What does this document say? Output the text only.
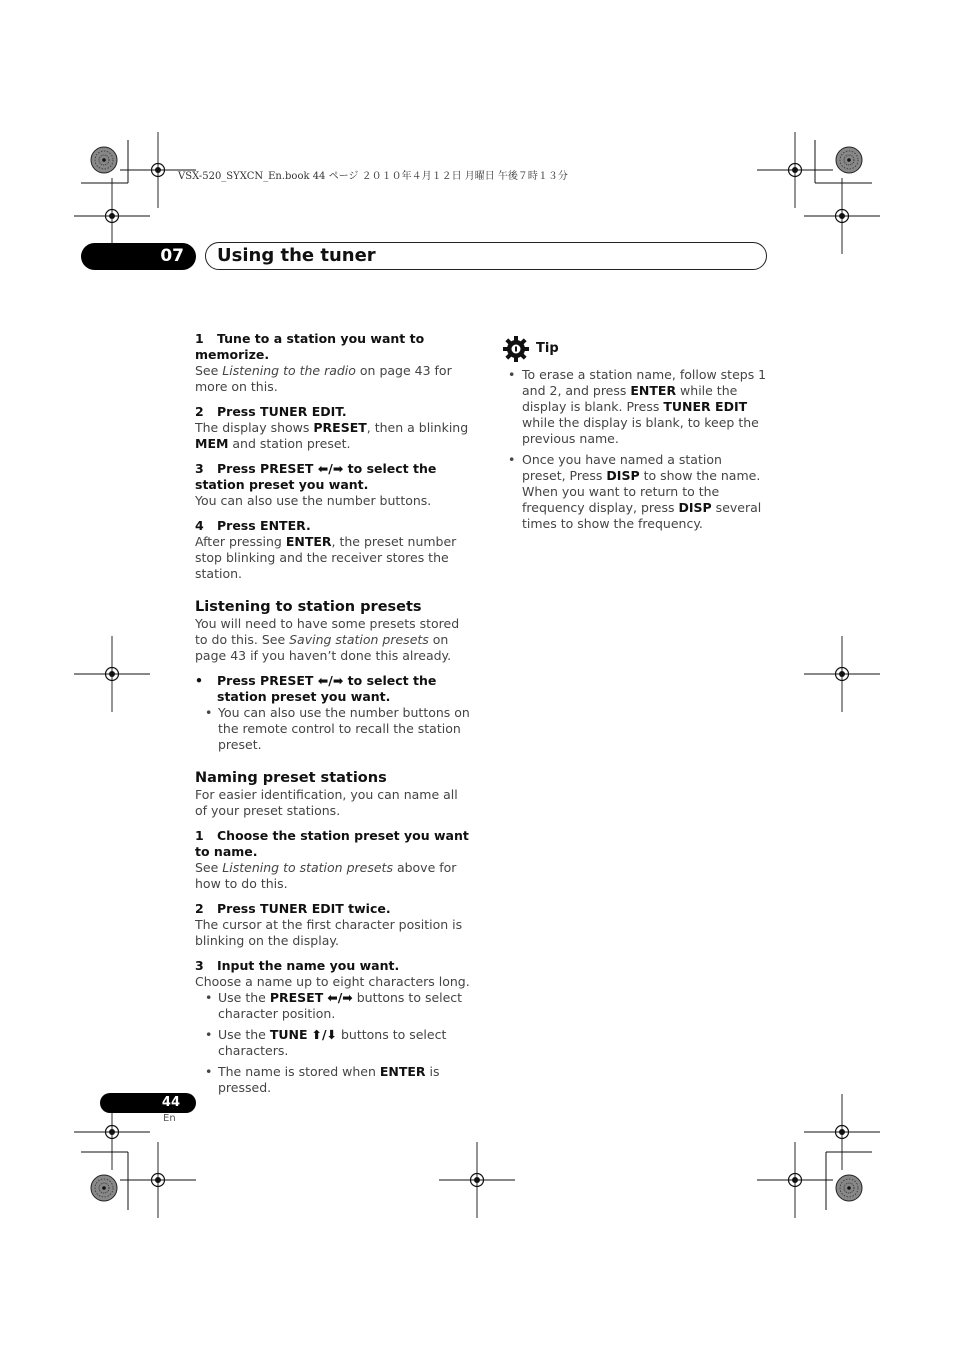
VSX-520_SYXCN_En.book 44 ページ ２０１０年４月１２日 月曜日 午後７時１３分
07	Using the tuner

1 Tune to a station you want to memorize.

See Listening to the radio on page 43 for more on this.

2 Press TUNER EDIT.

The display shows PRESET, then a blinking MEM and station preset.

3 Press PRESET ⬅/➡ to select the station preset you want.

You can also use the number buttons.

4 Press ENTER.

After pressing ENTER, the preset number stop blinking and the receiver stores the station.

Listening to station presets

You will need to have some presets stored to do this. See Saving station presets on page 43 if you haven’t done this already.

• Press PRESET ⬅/➡ to select the station preset you want.

• You can also use the number buttons on the remote control to recall the station preset.

Naming preset stations

For easier identification, you can name all of your preset stations.

1 Choose the station preset you want to name.

See Listening to station presets above for how to do this.

2 Press TUNER EDIT twice.

The cursor at the first character position is blinking on the display.

3 Input the name you want.

Choose a name up to eight characters long.

• Use the PRESET ⬅/➡ buttons to select character position.

• Use the TUNE ⬆/⬇ buttons to select characters.

• The name is stored when ENTER is pressed.

Tip

• To erase a station name, follow steps 1 and 2, and press ENTER while the display is blank. Press TUNER EDIT while the display is blank, to keep the previous name.

• Once you have named a station preset, Press DISP to show the name. When you want to return to the frequency display, press DISP several times to show the frequency.

44
En
